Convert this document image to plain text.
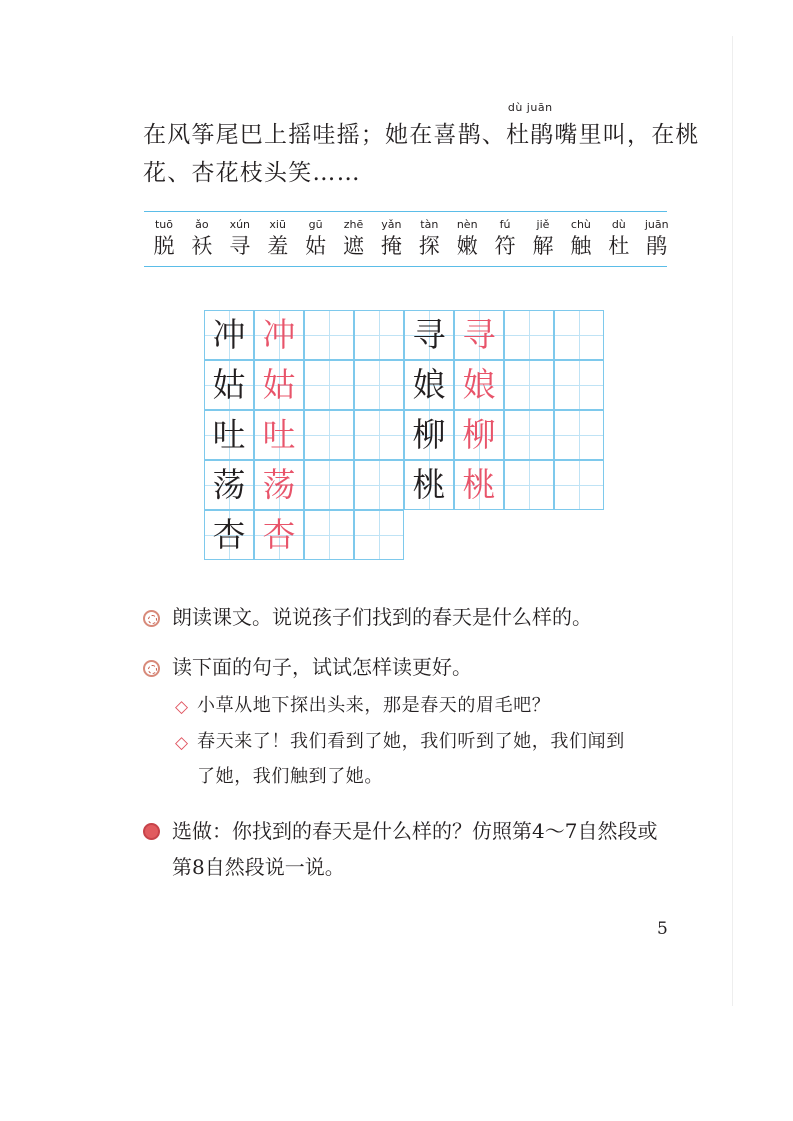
在风筝尾巴上摇哇摇；她在喜鹊、
dù juān
杜鹃嘴里叫，在桃
花、杏花枝头笑……
tuō
脱
ǎo
袄
xún
寻
xiū
羞
gū
姑
zhē
遮
yǎn
掩
tàn
探
nèn
嫩
fú
符
jiě
解
chù
触
dù
杜
juān
鹃
冲 冲
姑 姑
吐 吐
荡 荡
杏 杏
寻 寻
娘 娘
柳 柳
桃 桃
朗读课文。说说孩子们找到的春天是什么样的。
读下面的句子，试试怎样读更好。
◇ 小草从地下探出头来，那是春天的眉毛吧？
◇ 春天来了！我们看到了她，我们听到了她，我们闻到
了她，我们触到了她。
选做：你找到的春天是什么样的？仿照第4～7自然段或
第8自然段说一说。
5
